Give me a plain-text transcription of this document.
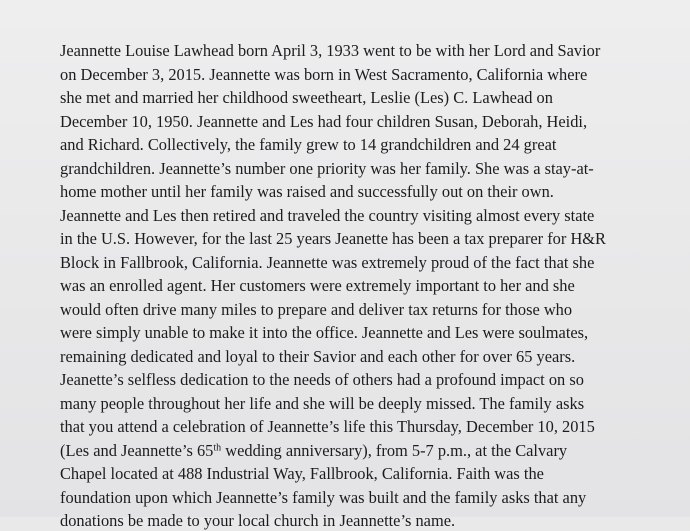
Jeannette Louise Lawhead born April 3, 1933 went to be with her Lord and Savior
on December 3, 2015. Jeannette was born in West Sacramento, California where
she met and married her childhood sweetheart, Leslie (Les) C. Lawhead on
December 10, 1950. Jeannette and Les had four children Susan, Deborah, Heidi,
and Richard. Collectively, the family grew to 14 grandchildren and 24 great
grandchildren. Jeannette’s number one priority was her family. She was a stay-at-
home mother until her family was raised and successfully out on their own.
Jeannette and Les then retired and traveled the country visiting almost every state
in the U.S. However, for the last 25 years Jeanette has been a tax preparer for H&R
Block in Fallbrook, California. Jeannette was extremely proud of the fact that she
was an enrolled agent. Her customers were extremely important to her and she
would often drive many miles to prepare and deliver tax returns for those who
were simply unable to make it into the office. Jeannette and Les were soulmates,
remaining dedicated and loyal to their Savior and each other for over 65 years.
Jeanette’s selfless dedication to the needs of others had a profound impact on so
many people throughout her life and she will be deeply missed. The family asks
that you attend a celebration of Jeannette’s life this Thursday, December 10, 2015
(Les and Jeannette’s 65th wedding anniversary), from 5-7 p.m., at the Calvary
Chapel located at 488 Industrial Way, Fallbrook, California. Faith was the
foundation upon which Jeannette’s family was built and the family asks that any
donations be made to your local church in Jeannette’s name.
